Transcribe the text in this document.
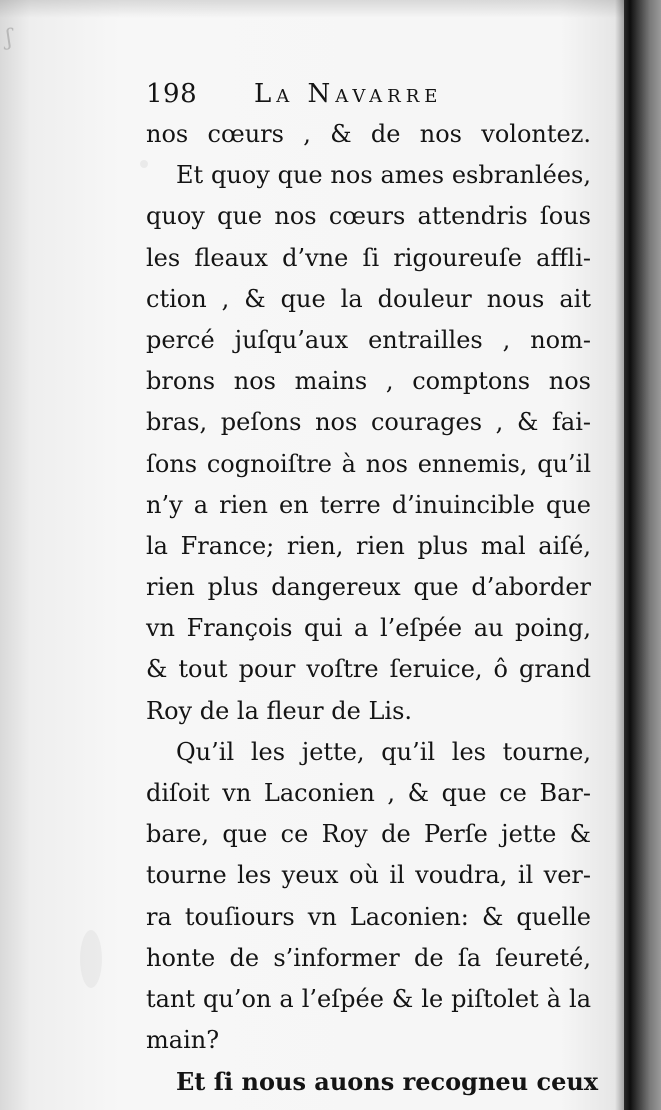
ʃ
198 La Navarre
nos cœurs , & de nos volontez.
Et quoy que nos ames esbranlées,
quoy que nos cœurs attendris ſous
les fleaux d’vne ſi rigoureuſe affli-
ction , & que la douleur nous ait
percé juſqu’aux entrailles , nom-
brons nos mains , comptons nos
bras, peſons nos courages , & fai-
ſons cognoiſtre à nos ennemis, qu’il
n’y a rien en terre d’inuincible que
la France; rien, rien plus mal aiſé,
rien plus dangereux que d’aborder
vn François qui a l’eſpée au poing,
& tout pour voſtre ſeruice, ô grand
Roy de la fleur de Lis.
Qu’il les jette, qu’il les tourne,
diſoit vn Laconien , & que ce Bar-
bare, que ce Roy de Perſe jette &
tourne les yeux où il voudra, il ver-
ra touſiours vn Laconien: & quelle
honte de s’informer de ſa ſeureté,
tant qu’on a l’eſpée & le piſtolet à la
main?
Et ſi nous auons recogneu ceux
